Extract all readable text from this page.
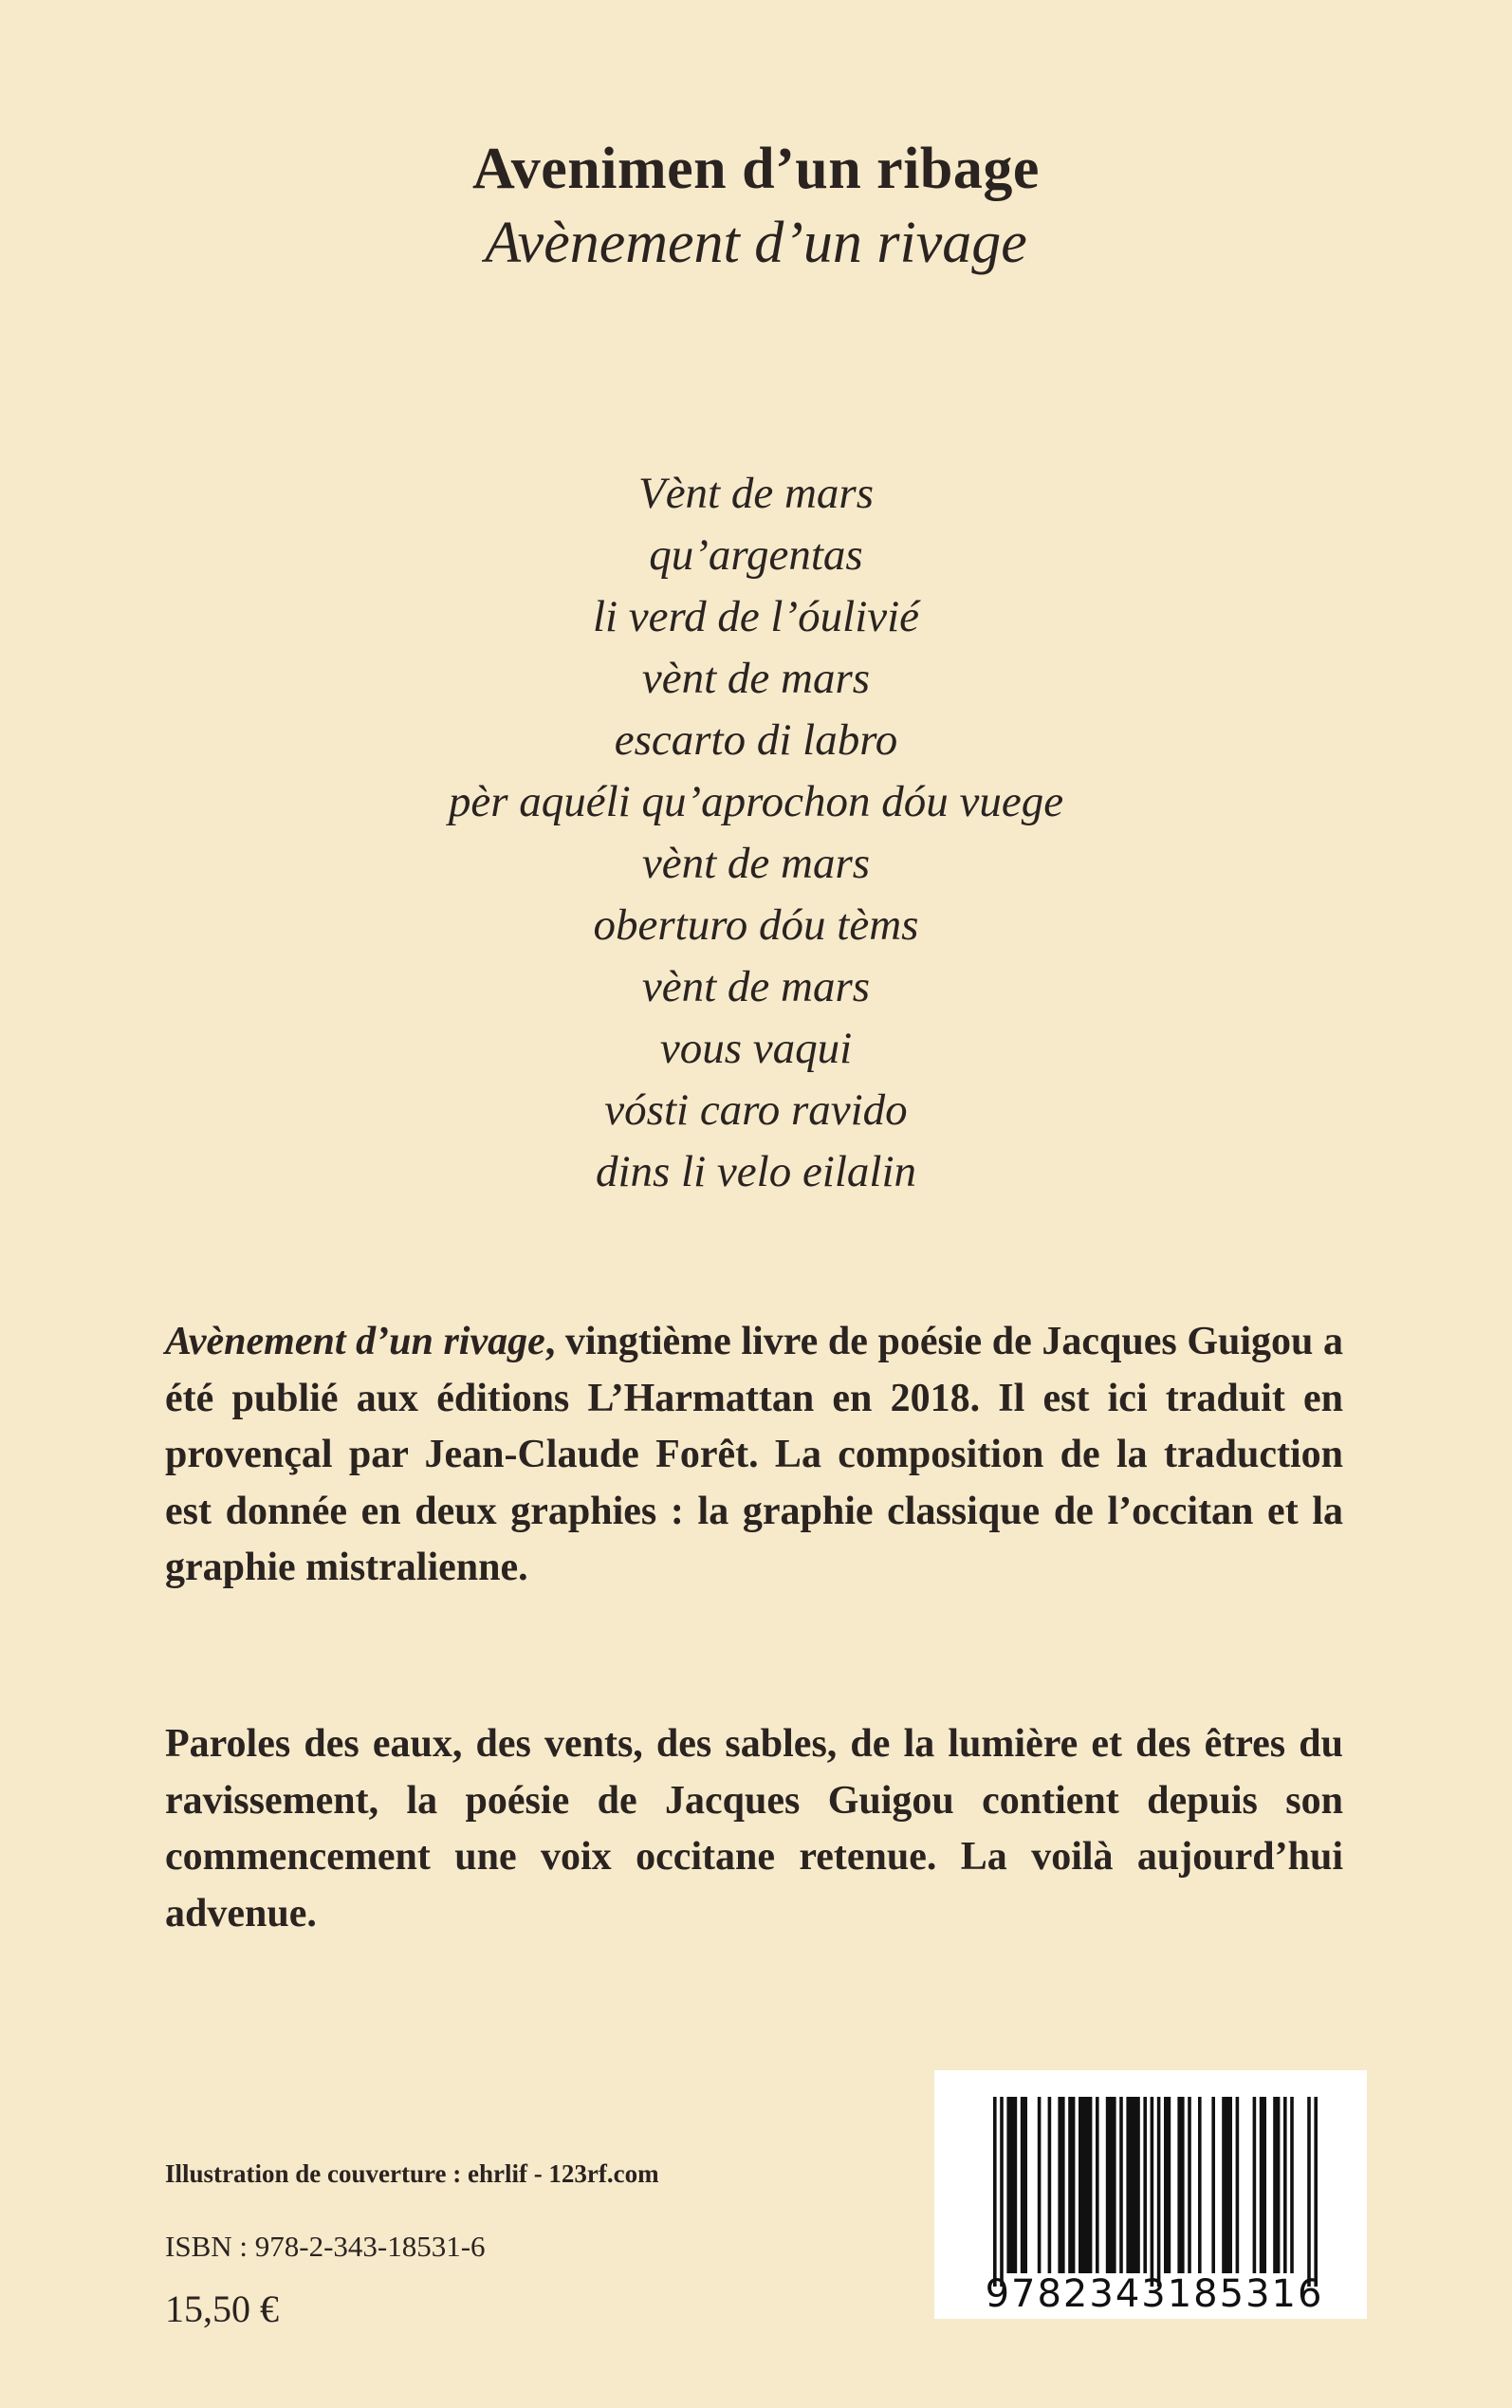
Avenimen d’un ribage
Avènement d’un rivage
Vènt de mars
qu’argentas
li verd de l’óulivié
vènt de mars
escarto di labro
pèr aquéli qu’aprochon dóu vuege
vènt de mars
oberturo dóu tèms
vènt de mars
vous vaqui
vósti caro ravido
dins li velo eilalin

Avènement d’un rivage, vingtième livre de poésie de Jacques Guigou a été publié aux éditions L’Harmattan en 2018. Il est ici traduit en provençal par Jean-Claude Forêt. La composition de la traduction est donnée en deux graphies : la graphie classique de l’occitan et la graphie mistralienne.

Paroles des eaux, des vents, des sables, de la lumière et des êtres du ravissement, la poésie de Jacques Guigou contient depuis son commencement une voix occitane retenue. La voilà aujourd’hui advenue.

Illustration de couverture : ehrlif - 123rf.com
ISBN : 978-2-343-18531-6
15,50 €	9782343185316
